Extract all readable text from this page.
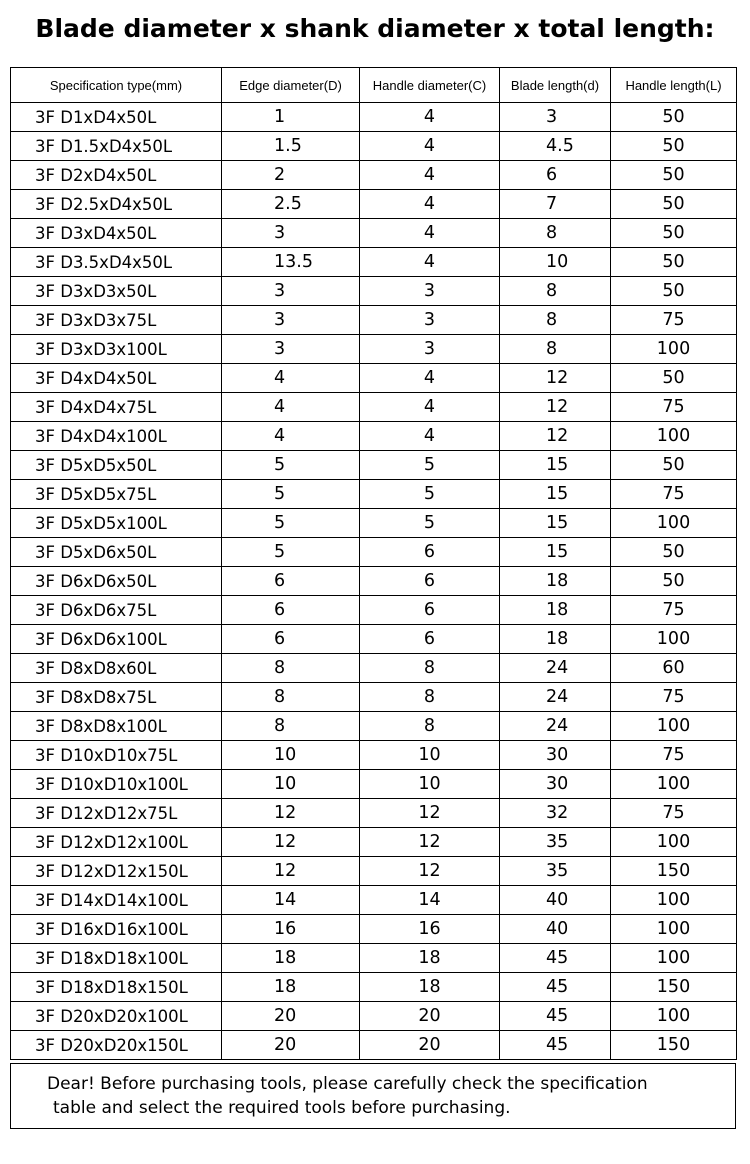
Blade diameter x shank diameter x total length:
Specification type(mm)	Edge diameter(D)	Handle diameter(C)	Blade length(d)	Handle length(L)
3F D1xD4x50L	1	4	3	50
3F D1.5xD4x50L	1.5	4	4.5	50
3F D2xD4x50L	2	4	6	50
3F D2.5xD4x50L	2.5	4	7	50
3F D3xD4x50L	3	4	8	50
3F D3.5xD4x50L	13.5	4	10	50
3F D3xD3x50L	3	3	8	50
3F D3xD3x75L	3	3	8	75
3F D3xD3x100L	3	3	8	100
3F D4xD4x50L	4	4	12	50
3F D4xD4x75L	4	4	12	75
3F D4xD4x100L	4	4	12	100
3F D5xD5x50L	5	5	15	50
3F D5xD5x75L	5	5	15	75
3F D5xD5x100L	5	5	15	100
3F D5xD6x50L	5	6	15	50
3F D6xD6x50L	6	6	18	50
3F D6xD6x75L	6	6	18	75
3F D6xD6x100L	6	6	18	100
3F D8xD8x60L	8	8	24	60
3F D8xD8x75L	8	8	24	75
3F D8xD8x100L	8	8	24	100
3F D10xD10x75L	10	10	30	75
3F D10xD10x100L	10	10	30	100
3F D12xD12x75L	12	12	32	75
3F D12xD12x100L	12	12	35	100
3F D12xD12x150L	12	12	35	150
3F D14xD14x100L	14	14	40	100
3F D16xD16x100L	16	16	40	100
3F D18xD18x100L	18	18	45	100
3F D18xD18x150L	18	18	45	150
3F D20xD20x100L	20	20	45	100
3F D20xD20x150L	20	20	45	150
Dear! Before purchasing tools, please carefully check the specification
table and select the required tools before purchasing.
